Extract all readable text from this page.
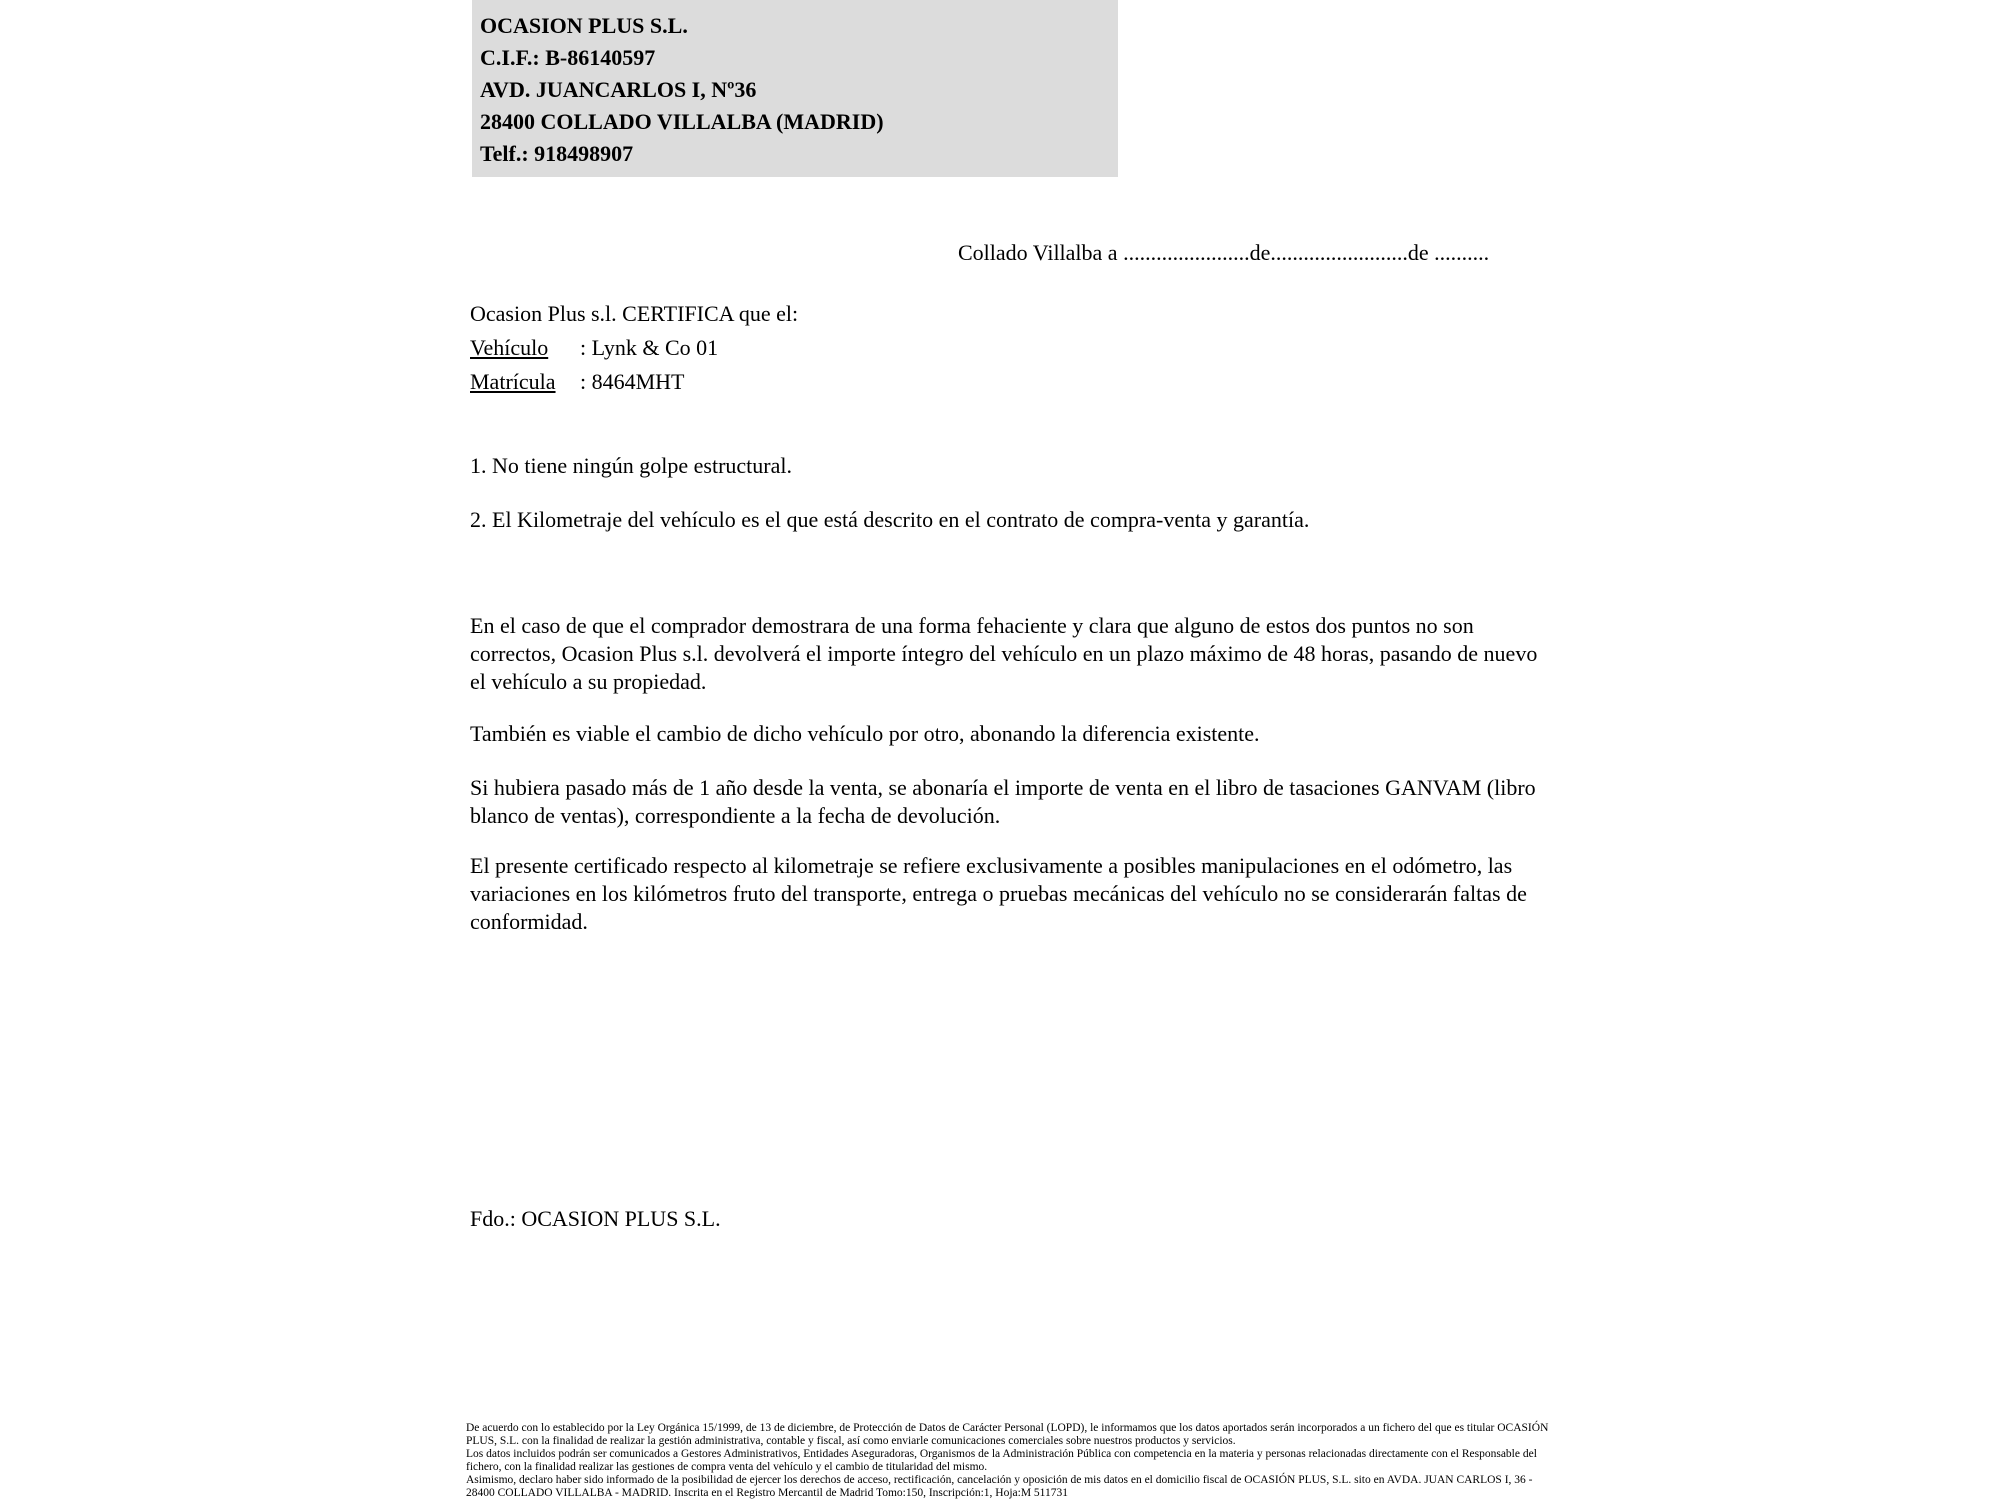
OCASION PLUS S.L.
C.I.F.: B-86140597
AVD. JUANCARLOS I, Nº36
28400 COLLADO VILLALBA (MADRID)
Telf.: 918498907
Collado Villalba a .......................de.........................de ..........
Ocasion Plus s.l. CERTIFICA que el:
Vehículo : Lynk & Co 01
Matrícula : 8464MHT
1. No tiene ningún golpe estructural.
2. El Kilometraje del vehículo es el que está descrito en el contrato de compra-venta y garantía.
En el caso de que el comprador demostrara de una forma fehaciente y clara que alguno de estos dos puntos no son correctos, Ocasion Plus s.l. devolverá el importe íntegro del vehículo en un plazo máximo de 48 horas, pasando de nuevo el vehículo a su propiedad.
También es viable el cambio de dicho vehículo por otro, abonando la diferencia existente.
Si hubiera pasado más de 1 año desde la venta, se abonaría el importe de venta en el libro de tasaciones GANVAM (libro blanco de ventas), correspondiente a la fecha de devolución.
El presente certificado respecto al kilometraje se refiere exclusivamente a posibles manipulaciones en el odómetro, las variaciones en los kilómetros fruto del transporte, entrega o pruebas mecánicas del vehículo no se considerarán faltas de conformidad.
Fdo.: OCASION PLUS S.L.
De acuerdo con lo establecido por la Ley Orgánica 15/1999, de 13 de diciembre, de Protección de Datos de Carácter Personal (LOPD), le informamos que los datos aportados serán incorporados a un fichero del que es titular OCASIÓN PLUS, S.L. con la finalidad de realizar la gestión administrativa, contable y fiscal, así como enviarle comunicaciones comerciales sobre nuestros productos y servicios.
Los datos incluidos podrán ser comunicados a Gestores Administrativos, Entidades Aseguradoras, Organismos de la Administración Pública con competencia en la materia y personas relacionadas directamente con el Responsable del fichero, con la finalidad realizar las gestiones de compra venta del vehículo y el cambio de titularidad del mismo.
Asimismo, declaro haber sido informado de la posibilidad de ejercer los derechos de acceso, rectificación, cancelación y oposición de mis datos en el domicilio fiscal de OCASIÓN PLUS, S.L. sito en AVDA. JUAN CARLOS I, 36 - 28400 COLLADO VILLALBA - MADRID. Inscrita en el Registro Mercantil de Madrid Tomo:150, Inscripción:1, Hoja:M 511731
